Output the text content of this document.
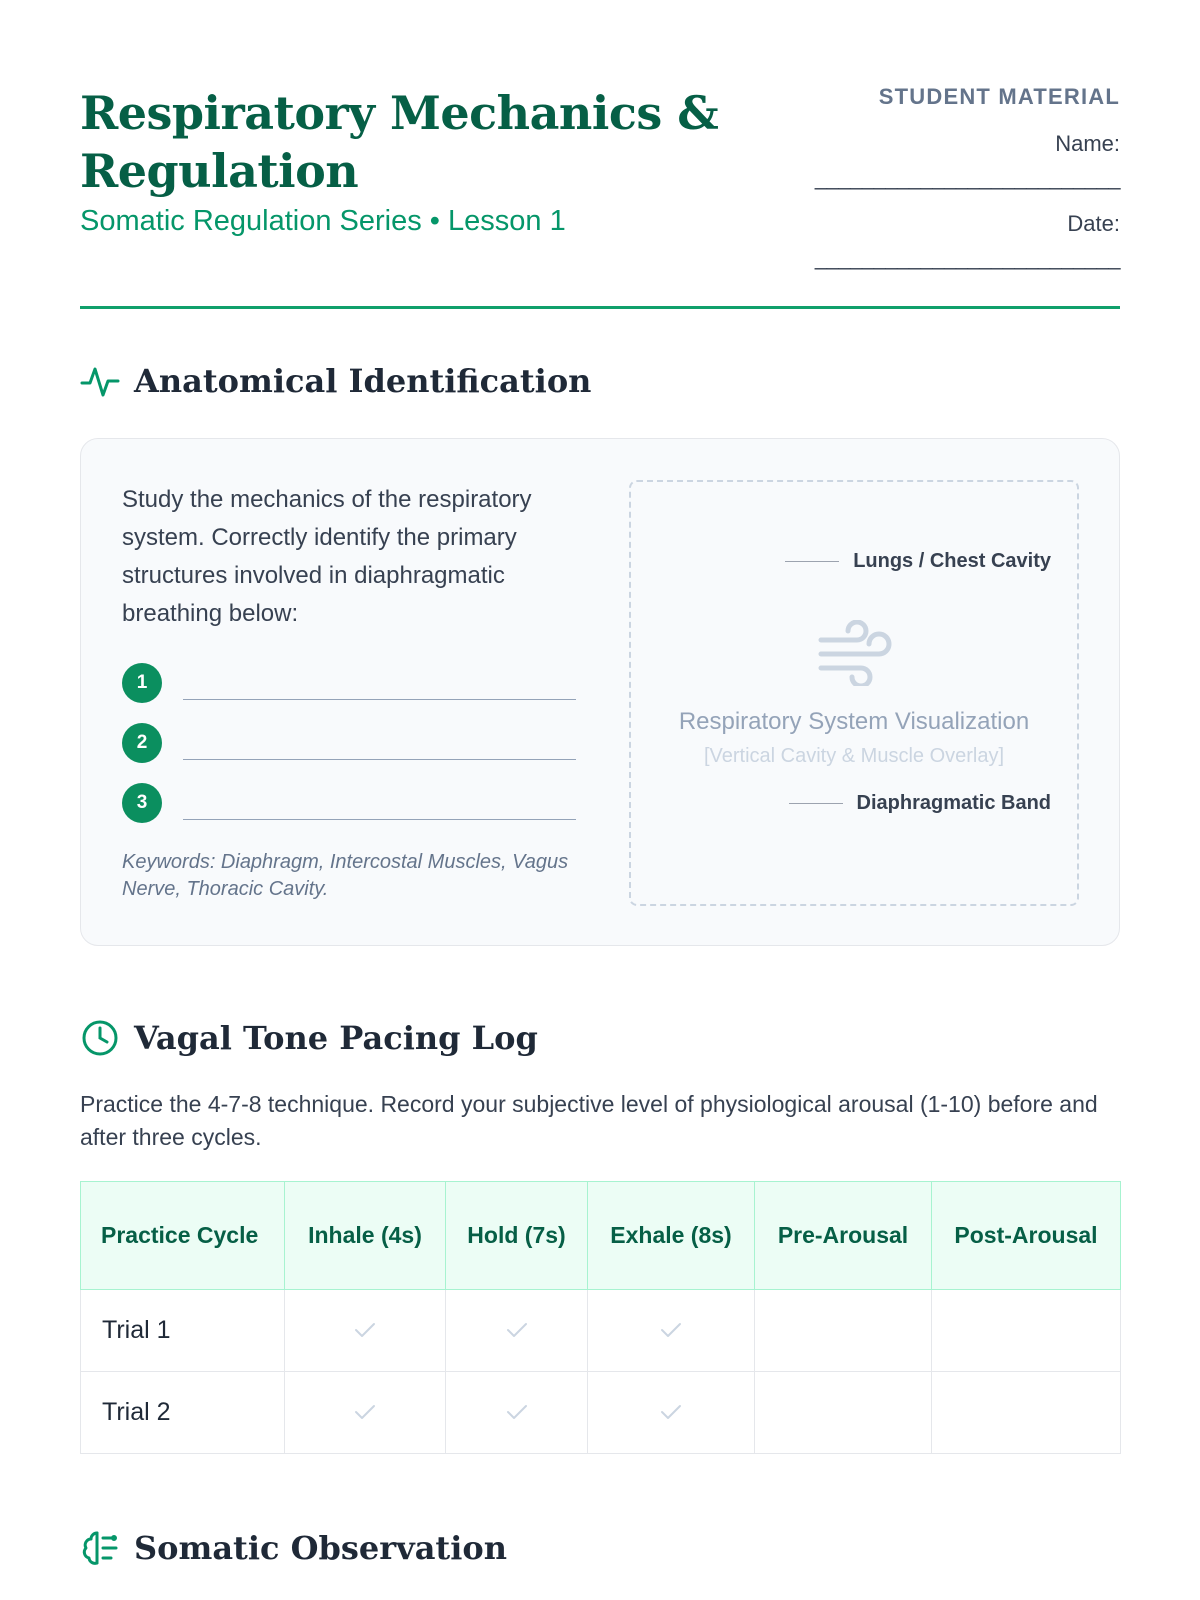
Respiratory Mechanics & Regulation
Somatic Regulation Series • Lesson 1
STUDENT MATERIAL
Name:
__________________________
Date:
__________________________
Anatomical Identification
Study the mechanics of the respiratory system. Correctly identify the primary structures involved in diaphragmatic breathing below:
1
2
3
Keywords: Diaphragm, Intercostal Muscles, Vagus Nerve, Thoracic Cavity.
Lungs / Chest Cavity
Respiratory System Visualization
[Vertical Cavity & Muscle Overlay]
Diaphragmatic Band
Vagal Tone Pacing Log
Practice the 4-7-8 technique. Record your subjective level of physiological arousal (1-10) before and after three cycles.
Practice Cycle	Inhale (4s)	Hold (7s)	Exhale (8s)	Pre-Arousal	Post-Arousal
Trial 1					
Trial 2					
Somatic Observation
